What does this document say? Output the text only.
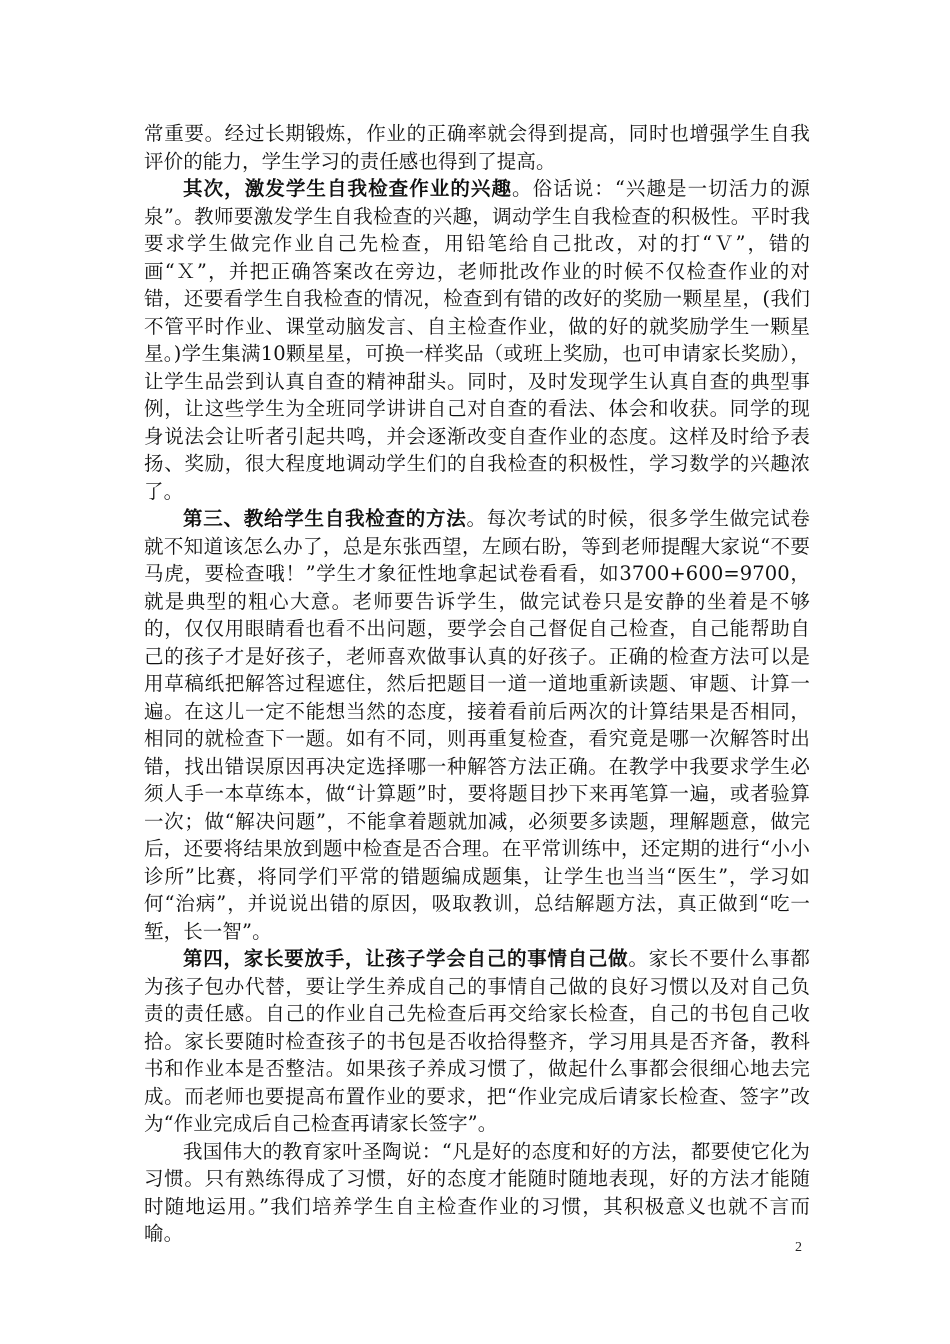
常重要。经过长期锻炼，作业的正确率就会得到提高，同时也增强学生自我评价的能力，学生学习的责任感也得到了提高。

其次，激发学生自我检查作业的兴趣。俗话说：“兴趣是一切活力的源泉”。教师要激发学生自我检查的兴趣，调动学生自我检查的积极性。平时我要求学生做完作业自己先检查，用铅笔给自己批改，对的打“Ｖ”，错的画“Ｘ”，并把正确答案改在旁边，老师批改作业的时候不仅检查作业的对错，还要看学生自我检查的情况，检查到有错的改好的奖励一颗星星，(我们不管平时作业、课堂动脑发言、自主检查作业，做的好的就奖励学生一颗星星。)学生集满10颗星星，可换一样奖品（或班上奖励，也可申请家长奖励），让学生品尝到认真自查的精神甜头。同时，及时发现学生认真自查的典型事例，让这些学生为全班同学讲讲自己对自查的看法、体会和收获。同学的现身说法会让听者引起共鸣，并会逐渐改变自查作业的态度。这样及时给予表扬、奖励，很大程度地调动学生们的自我检查的积极性，学习数学的兴趣浓了。

第三、教给学生自我检查的方法。每次考试的时候，很多学生做完试卷就不知道该怎么办了，总是东张西望，左顾右盼，等到老师提醒大家说“不要马虎，要检查哦！”学生才象征性地拿起试卷看看，如3700+600=9700，就是典型的粗心大意。老师要告诉学生，做完试卷只是安静的坐着是不够的，仅仅用眼睛看也看不出问题，要学会自己督促自己检查，自己能帮助自己的孩子才是好孩子，老师喜欢做事认真的好孩子。正确的检查方法可以是用草稿纸把解答过程遮住，然后把题目一道一道地重新读题、审题、计算一遍。在这儿一定不能想当然的态度，接着看前后两次的计算结果是否相同，相同的就检查下一题。如有不同，则再重复检查，看究竟是哪一次解答时出错，找出错误原因再决定选择哪一种解答方法正确。在教学中我要求学生必须人手一本草练本，做“计算题”时，要将题目抄下来再笔算一遍，或者验算一次；做“解决问题”，不能拿着题就加减，必须要多读题，理解题意，做完后，还要将结果放到题中检查是否合理。在平常训练中，还定期的进行“小小诊所”比赛，将同学们平常的错题编成题集，让学生也当当“医生”，学习如何“治病”，并说说出错的原因，吸取教训，总结解题方法，真正做到“吃一堑，长一智”。

第四，家长要放手，让孩子学会自己的事情自己做。家长不要什么事都为孩子包办代替，要让学生养成自己的事情自己做的良好习惯以及对自己负责的责任感。自己的作业自己先检查后再交给家长检查，自己的书包自己收拾。家长要随时检查孩子的书包是否收拾得整齐，学习用具是否齐备，教科书和作业本是否整洁。如果孩子养成习惯了，做起什么事都会很细心地去完成。而老师也要提高布置作业的要求，把“作业完成后请家长检查、签字”改为“作业完成后自己检查再请家长签字”。

我国伟大的教育家叶圣陶说：“凡是好的态度和好的方法，都要使它化为习惯。只有熟练得成了习惯，好的态度才能随时随地表现，好的方法才能随时随地运用。”我们培养学生自主检查作业的习惯，其积极意义也就不言而喻。

2
